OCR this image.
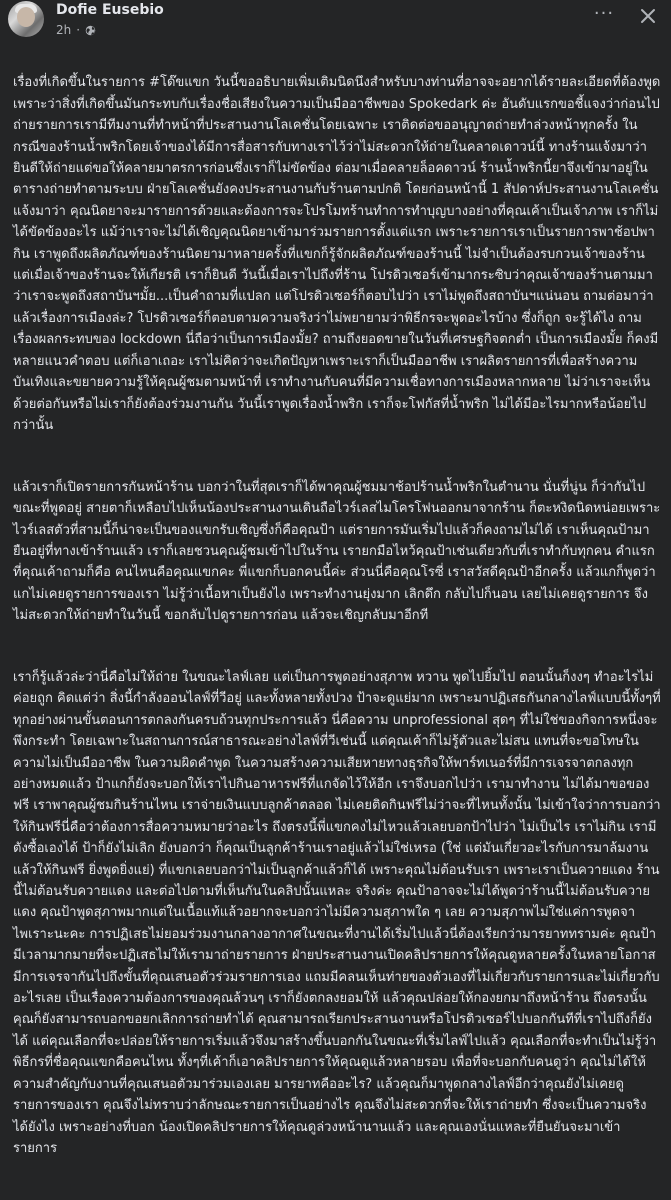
Dofie Eusebio
2h ·
···

เรื่องที่เกิดขึ้นในรายการ #โด๊ขแขก วันนี้ขออธิบายเพิ่มเติมนิดนึงสำหรับบางท่านที่อาจจะอยากได้รายละเอียดที่ต้องพูดเพราะว่าสิ่งที่เกิดขึ้นมันกระทบกับเรื่องชื่อเสียงในความเป็นมืออาชีพของ Spokedark ค่ะ อันดับแรกขอชี้แจงว่าก่อนไปถ่ายรายการเรามีทีมงานที่ทำหน้าที่ประสานงานโลเคชั่นโดยเฉพาะ เราติดต่อขออนุญาตถ่ายทำล่วงหน้าทุกครั้ง ในกรณีของร้านน้ำพริกโดยเจ้าของได้มีการสื่อสารกับทางเราไว้ว่าไม่สะดวกให้ถ่ายในคลาดเดาวน์นี้ ทางร้านแจ้งมาว่ายินดีให้ถ่ายแต่ขอให้คลายมาตรการก่อนซึ่งเราก็ไม่ขัดข้อง ต่อมาเมื่อคลายล็อคดาวน์ ร้านน้ำพริกนี้ยาจึงเข้ามาอยู่ในตารางถ่ายทำตามระบบ ฝ่ายโลเคชั่นยังคงประสานงานกับร้านตามปกติ โดยก่อนหน้านี้ 1 สัปดาห์ประสานงานโลเคชั่นแจ้งมาว่า คุณนิดยาจะมารายการด้วยและต้องการจะโปรโมทร้านทำการทำบุญบางอย่างที่คุณเค้าเป็นเจ้าภาพ เราก็ไม่ได้ขัดข้องอะไร แม้ว่าเราจะไม่ได้เชิญคุณนิดยาเข้ามาร่วมรายการตั้งแต่แรก เพราะรายการเราเป็นรายการพาช้อปพากิน เราพูดถึงผลิตภัณฑ์ของร้านนิดยามาหลายครั้งที่แขกก็รู้จักผลิตภัณฑ์ของร้านนี้ ไม่จำเป็นต้องรบกวนเจ้าของร้าน แต่เมื่อเจ้าของร้านจะให้เกียรติ เราก็ยินดี วันนี้เมื่อเราไปถึงที่ร้าน โปรดิวเซอร์เข้ามากระซิบว่าคุณเจ้าของร้านตามมาว่าเราจะพูดถึงสถาบันฯมั้ย...เป็นคำถามที่แปลก แต่โปรดิวเซอร์ก็ตอบไปว่า เราไม่พูดถึงสถาบันฯแน่นอน ถามต่อมาว่า แล้วเรื่องการเมืองล่ะ? โปรดิวเซอร์ก็ตอบตามความจริงว่าไม่พยายามว่าพิธีกรจะพูดอะไรบ้าง ซึ่งก็ถูก จะรู้ได้ไง ถามเรื่องผลกระทบของ lockdown นี่ถือว่าเป็นการเมืองมั้ย? ถามถึงยอดขายในวันที่เศรษฐกิจตกต่ำ เป็นการเมืองมั้ย ก็คงมีหลายแนวคำตอบ แต่ก็เอาเถอะ เราไม่คิดว่าจะเกิดปัญหาเพราะเราก็เป็นมืออาชีพ เราผลิตรายการที่เพื่อสร้างความบันเทิงและขยายความรู้ให้คุณผู้ชมตามหน้าที่ เราทำงานกับคนที่มีความเชื่อทางการเมืองหลากหลาย ไม่ว่าเราจะเห็นด้วยต่อกันหรือไม่เราก็ยังต้องร่วมงานกัน วันนี้เราพูดเรื่องน้ำพริก เราก็จะโฟกัสที่น้ำพริก ไม่ได้มีอะไรมากหรือน้อยไปกว่านั้น

แล้วเราก็เปิดรายการกันหน้าร้าน บอกว่าในที่สุดเราก็ได้พาคุณผู้ชมมาช้อปร้านน้ำพริกในตำนาน นั่นที่นู่น ก็ว่ากันไป ขณะที่พูดอยู่ สายตาก็เหลือบไปเห็นน้องประสานงานเดินถือไวร์เลสไมโครโฟนออกมาจากร้าน ก็ตะหงิดนิดหน่อยเพราะไวร์เลสตัวที่สามนี้ก็น่าจะเป็นของแขกรับเชิญซึ่งก็คือคุณป้า แต่รายการมันเริ่มไปแล้วก็คงถามไม่ได้ เราเห็นคุณป้ามายืนอยู่ที่ทางเข้าร้านแล้ว เราก็เลยชวนคุณผู้ชมเข้าไปในร้าน เรายกมือไหว้คุณป้าเช่นเดียวกับที่เราทำกับทุกคน คำแรกที่คุณเค้าถามก็คือ คนไหนคือคุณแขกคะ พี่แขกก็บอกคนนี้ค่ะ ส่วนนี่คือคุณโรซี่ เราสวัสดีคุณป้าอีกครั้ง แล้วแกก็พูดว่า แกไม่เคยดูรายการของเรา ไม่รู้ว่าเนื้อหาเป็นยังไง เพราะทำงานยุ่งมาก เลิกดึก กลับไปก็นอน เลยไม่เคยดูรายการ จึงไม่สะดวกให้ถ่ายทำในวันนี้ ขอกลับไปดูรายการก่อน แล้วจะเชิญกลับมาอีกที

เราก็รู้แล้วล่ะว่านี่คือไม่ให้ถ่าย ในขณะไลฟ์เลย แต่เป็นการพูดอย่างสุภาพ หวาน พูดไปยิ้มไป ตอนนั้นก็งงๆ ทำอะไรไม่ค่อยถูก คิดแต่ว่า สิ่งนี้กำลังออนไลฟ์ที่วีอยู่ และทั้งหลายทั้งปวง ป้าจะดูแย่มาก เพราะมาปฏิเสธกันกลางไลฟ์แบบนี้ทั้งๆที่ทุกอย่างผ่านขั้นตอนการตกลงกันครบถ้วนทุกประการแล้ว นี่คือความ unprofessional สุดๆ ที่ไม่ใช่ของกิจการหนึ่งจะพึงกระทำ โดยเฉพาะในสถานการณ์สาธารณะอย่างไลฟ์ที่วีเช่นนี้ แต่คุณเค้าก็ไม่รู้ตัวและไม่สน แทนที่จะขอโทษในความไม่เป็นมืออาชีพ ในความผิดคำพูด ในความสร้างความเสียหายทางธุรกิจให้พาร์ทเนอร์ที่มีการเจรจาตกลงทุกอย่างหมดแล้ว ป้าแกก็ยังจะบอกให้เราไปกินอาหารฟรีที่แกจัดไว้ให้อีก เราจึงบอกไปว่า เรามาทำงาน ไม่ได้มาขอของฟรี เราพาคุณผู้ชมกินร้านไหน เราจ่ายเงินแบบลูกค้าตลอด ไม่เคยติดกินฟรีไม่ว่าจะที่ไหนทั้งนั้น ไม่เข้าใจว่าการบอกว่าให้กินฟรีนี่คือว่าต้องการสื่อความหมายว่าอะไร ถึงตรงนี้พี่แขกคงไม่ไหวแล้วเลยบอกป้าไปว่า ไม่เป็นไร เราไม่กิน เรามีตังซื้อเองได้ ป้าก็ยังไม่เลิก ยังบอกว่า ก็คุณเป็นลูกค้าร้านเราอยู่แล้วไม่ใช่เหรอ (ใช่ แต่มันเกี่ยวอะไรกับการมาล้มงานแล้วให้กินฟรี ยิ่งพูดยิ่งแย่) ที่แขกเลยบอกว่าไม่เป็นลูกค้าแล้วก็ได้ เพราะคุณไม่ต้อนรับเรา เพราะเราเป็นควายแดง ร้านนี้ไม่ต้อนรับควายแดง และต่อไปตามที่เห็นกันในคลิปนั้นแหละ จริงค่ะ คุณป้าอาจจะไม่ได้พูดว่าร้านนี้ไม่ต้อนรับควายแดง คุณป้าพูดสุภาพมากแต่ในเนื้อแท้แล้วอยากจะบอกว่าไม่มีความสุภาพใด ๆ เลย ความสุภาพไม่ใช่แค่การพูดจาไพเราะนะคะ การปฏิเสธไม่ยอมร่วมงานกลางอากาศในขณะที่งานได้เริ่มไปแล้วนี่ต้องเรียกว่ามารยาททรามค่ะ คุณป้ามีเวลามากมายที่จะปฏิเสธไม่ให้เรามาถ่ายรายการ ฝ่ายประสานงานเปิดคลิปรายการให้คุณดูหลายครั้งในหลายโอกาส มีการเจรจากันไปถึงขั้นที่คุณเสนอตัวร่วมรายการเอง แถมมีคลนเห็นท่ายของตัวเองที่ไม่เกี่ยวกับรายการและไม่เกี่ยวกับอะไรเลย เป็นเรื่องความต้องการของคุณล้วนๆ เราก็ยังตกลงยอมให้ แล้วคุณปล่อยให้กองยกมาถึงหน้าร้าน ถึงตรงนั้นคุณก็ยังสามารถบอกขอยกเลิกการถ่ายทำได้ คุณสามารถเรียกประสานงานหรือโปรดิวเซอร์ไปบอกกันทีที่เราไปถึงก็ยังได้ แต่คุณเลือกที่จะปล่อยให้รายการเริ่มแล้วจึงมาสร้างขึ้นบอกกันในขณะที่เริ่มไลฟ์ไปแล้ว คุณเลือกที่จะทำเป็นไม่รู้ว่าพิธีกรที่ชื่อคุณแขกคือคนไหน ทั้งๆที่เค้าก็เอาคลิปรายการให้คุณดูแล้วหลายรอบ เพื่อที่จะบอกกับคนดูว่า คุณไม่ได้ให้ความสำคัญกับงานที่คุณเสนอตัวมาร่วมเองเลย มารยาทคืออะไร? แล้วคุณก็มาพูดกลางไลฟ์อีกว่าคุณยังไม่เคยดูรายการของเรา คุณจึงไม่ทราบว่าลักษณะรายการเป็นอย่างไร คุณจึงไม่สะดวกที่จะให้เราถ่ายทำ ซึ่งจะเป็นความจริงได้ยังไง เพราะอย่างที่บอก น้องเปิดคลิปรายการให้คุณดูล่วงหน้านานแล้ว และคุณเองนั่นแหละที่ยืนยันจะมาเข้ารายการ
